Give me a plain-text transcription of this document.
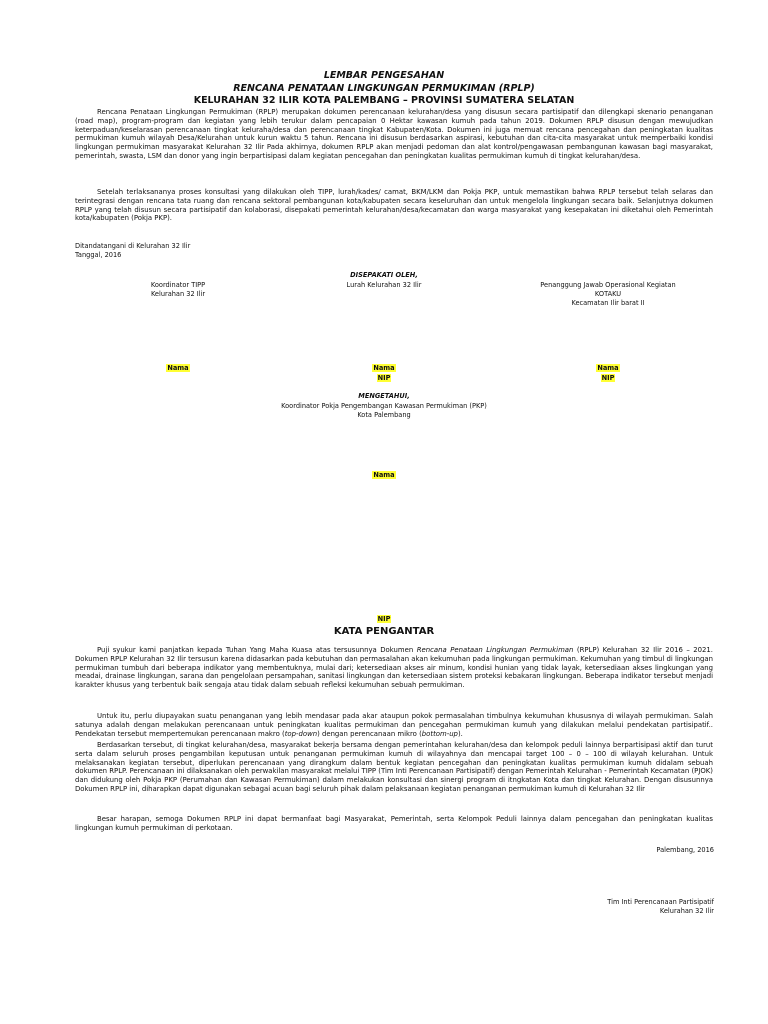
LEMBAR PENGESAHAN
RENCANA PENATAAN LINGKUNGAN PERMUKIMAN (RPLP)
KELURAHAN 32 ILIR KOTA PALEMBANG – PROVINSI SUMATERA SELATAN

Rencana Penataan Lingkungan Permukiman (RPLP) merupakan dokumen perencanaan kelurahan/desa yang disusun secara partisipatif dan dilengkapi skenario penanganan (road map), program-program dan kegiatan yang lebih terukur dalam pencapaian 0 Hektar kawasan kumuh pada tahun 2019. Dokumen RPLP disusun dengan mewujudkan keterpaduan/keselarasan perencanaan tingkat keluraha/desa dan perencanaan tingkat Kabupaten/Kota. Dokumen ini juga memuat rencana pencegahan dan peningkatan kualitas permukiman kumuh wilayah Desa/Kelurahan untuk kurun waktu 5 tahun. Rencana ini disusun berdasarkan aspirasi, kebutuhan dan cita-cita masyarakat untuk memperbaiki kondisi lingkungan permukiman masyarakat Kelurahan 32 Ilir Pada akhirnya, dokumen RPLP akan menjadi pedoman dan alat kontrol/pengawasan pembangunan kawasan bagi masyarakat, pemerintah, swasta, LSM dan donor yang ingin berpartisipasi dalam kegiatan pencegahan dan peningkatan kualitas permukiman kumuh di tingkat kelurahan/desa.

Setelah terlaksananya proses konsultasi yang dilakukan oleh TIPP, lurah/kades/ camat, BKM/LKM dan Pokja PKP, untuk memastikan bahwa RPLP tersebut telah selaras dan terintegrasi dengan rencana tata ruang dan rencana sektoral pembangunan kota/kabupaten secara keseluruhan dan untuk mengelola lingkungan secara baik. Selanjutnya dokumen RPLP yang telah disusun secara partisipatif dan kolaborasi, disepakati pemerintah kelurahan/desa/kecamatan dan warga masyarakat yang kesepakatan ini diketahui oleh Pemerintah kota/kabupaten (Pokja PKP).

Ditandatangani di Kelurahan 32 Ilir
Tanggal, 2016
DISEPAKATI OLEH,
Koordinator TIPP
Kelurahan 32 Ilir
Lurah Kelurahan 32 Ilir	Penanggung Jawab Operasional Kegiatan
KOTAKU
Kecamatan Ilir barat II
Nama	Nama
NIP
Nama
NIP
MENGETAHUI,
Koordinator Pokja Pengembangan Kawasan Permukiman (PKP)
Kota Palembang
Nama
NIP
KATA PENGANTAR

Puji syukur kami panjatkan kepada Tuhan Yang Maha Kuasa atas tersusunnya Dokumen Rencana Penataan Lingkungan Permukiman (RPLP) Kelurahan 32 Ilir 2016 – 2021. Dokumen RPLP Kelurahan 32 Ilir tersusun karena didasarkan pada kebutuhan dan permasalahan akan kekumuhan pada lingkungan permukiman. Kekumuhan yang timbul di lingkungan permukiman tumbuh dari beberapa indikator yang membentuknya, mulai dari; ketersediaan akses air minum, kondisi hunian yang tidak layak, ketersediaan akses lingkungan yang meadai, drainase lingkungan, sarana dan pengelolaan persampahan, sanitasi lingkungan dan ketersediaan sistem proteksi kebakaran lingkungan. Beberapa indikator tersebut menjadi karakter khusus yang terbentuk baik sengaja atau tidak dalam sebuah refleksi kekumuhan sebuah permukiman.

Untuk itu, perlu diupayakan suatu penanganan yang lebih mendasar pada akar ataupun pokok permasalahan timbulnya kekumuhan khususnya di wilayah permukiman. Salah satunya adalah dengan melakukan perencanaan untuk peningkatan kualitas permukiman dan pencegahan permukiman kumuh yang dilakukan melalui pendekatan partisipatif.. Pendekatan tersebut mempertemukan perencanaan makro (top-down) dengan perencanaan mikro (bottom-up).

Berdasarkan tersebut, di tingkat kelurahan/desa, masyarakat bekerja bersama dengan pemerintahan kelurahan/desa dan kelompok peduli lainnya berpartisipasi aktif dan turut serta dalam seluruh proses pengambilan keputusan untuk penanganan permukiman kumuh di wilayahnya dan mencapai target 100 – 0 – 100 di wilayah kelurahan. Untuk melaksanakan kegiatan tersebut, diperlukan perencanaan yang dirangkum dalam bentuk kegiatan pencegahan dan peningkatan kualitas permukiman kumuh didalam sebuah dokumen RPLP. Perencanaan ini dilaksanakan oleh perwakilan masyarakat melalui TIPP (Tim Inti Perencanaan Partisipatif) dengan Pemerintah Kelurahan - Pemerintah Kecamatan (PJOK) dan didukung oleh Pokja PKP (Perumahan dan Kawasan Permukiman) dalam melakukan konsultasi dan sinergi program di itngkatan Kota dan tingkat Kelurahan. Dengan disusunnya Dokumen RPLP ini, diharapkan dapat digunakan sebagai acuan bagi seluruh pihak dalam pelaksanaan kegiatan penanganan permukiman kumuh di Kelurahan 32 Ilir

Besar harapan, semoga Dokumen RPLP ini dapat bermanfaat bagi Masyarakat, Pemerintah, serta Kelompok Peduli lainnya dalam pencegahan dan peningkatan kualitas lingkungan kumuh permukiman di perkotaan.

Palembang, 2016
Tim Inti Perencanaan Partisipatif
Kelurahan 32 Ilir
